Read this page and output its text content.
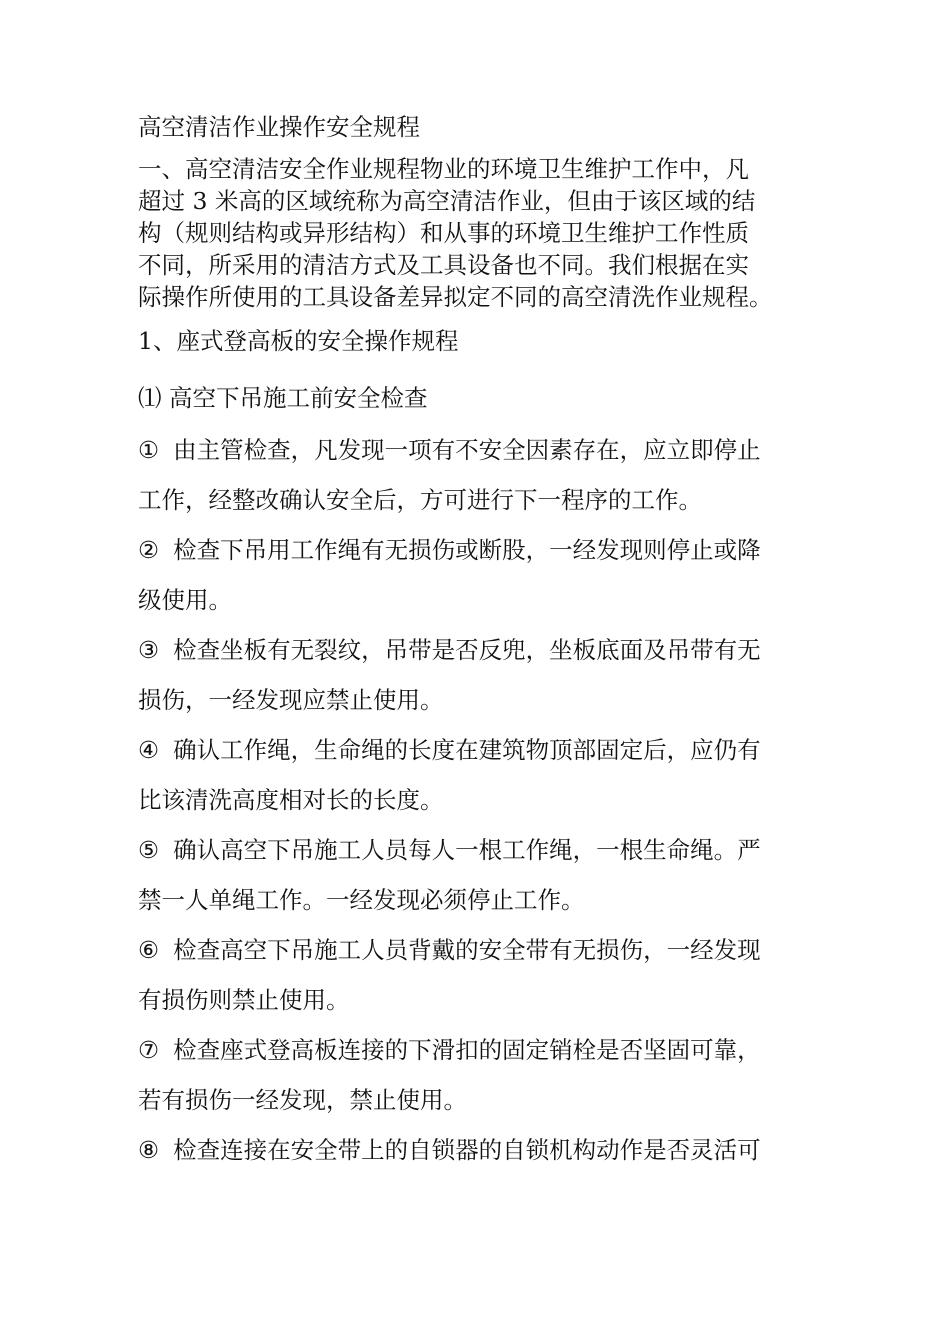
高空清洁作业操作安全规程

一、高空清洁安全作业规程物业的环境卫生维护工作中，凡
超过 3 米高的区域统称为高空清洁作业，但由于该区域的结
构（规则结构或异形结构）和从事的环境卫生维护工作性质
不同，所采用的清洁方式及工具设备也不同。我们根据在实
际操作所使用的工具设备差异拟定不同的高空清洗作业规程。

1、座式登高板的安全操作规程

⑴ 高空下吊施工前安全检查

① 由主管检查，凡发现一项有不安全因素存在，应立即停止
工作，经整改确认安全后，方可进行下一程序的工作。
② 检查下吊用工作绳有无损伤或断股，一经发现则停止或降
级使用。
③ 检查坐板有无裂纹，吊带是否反兜，坐板底面及吊带有无
损伤，一经发现应禁止使用。
④ 确认工作绳，生命绳的长度在建筑物顶部固定后，应仍有
比该清洗高度相对长的长度。
⑤ 确认高空下吊施工人员每人一根工作绳，一根生命绳。严
禁一人单绳工作。一经发现必须停止工作。
⑥ 检查高空下吊施工人员背戴的安全带有无损伤，一经发现
有损伤则禁止使用。
⑦ 检查座式登高板连接的下滑扣的固定销栓是否坚固可靠，
若有损伤一经发现，禁止使用。
⑧ 检查连接在安全带上的自锁器的自锁机构动作是否灵活可
